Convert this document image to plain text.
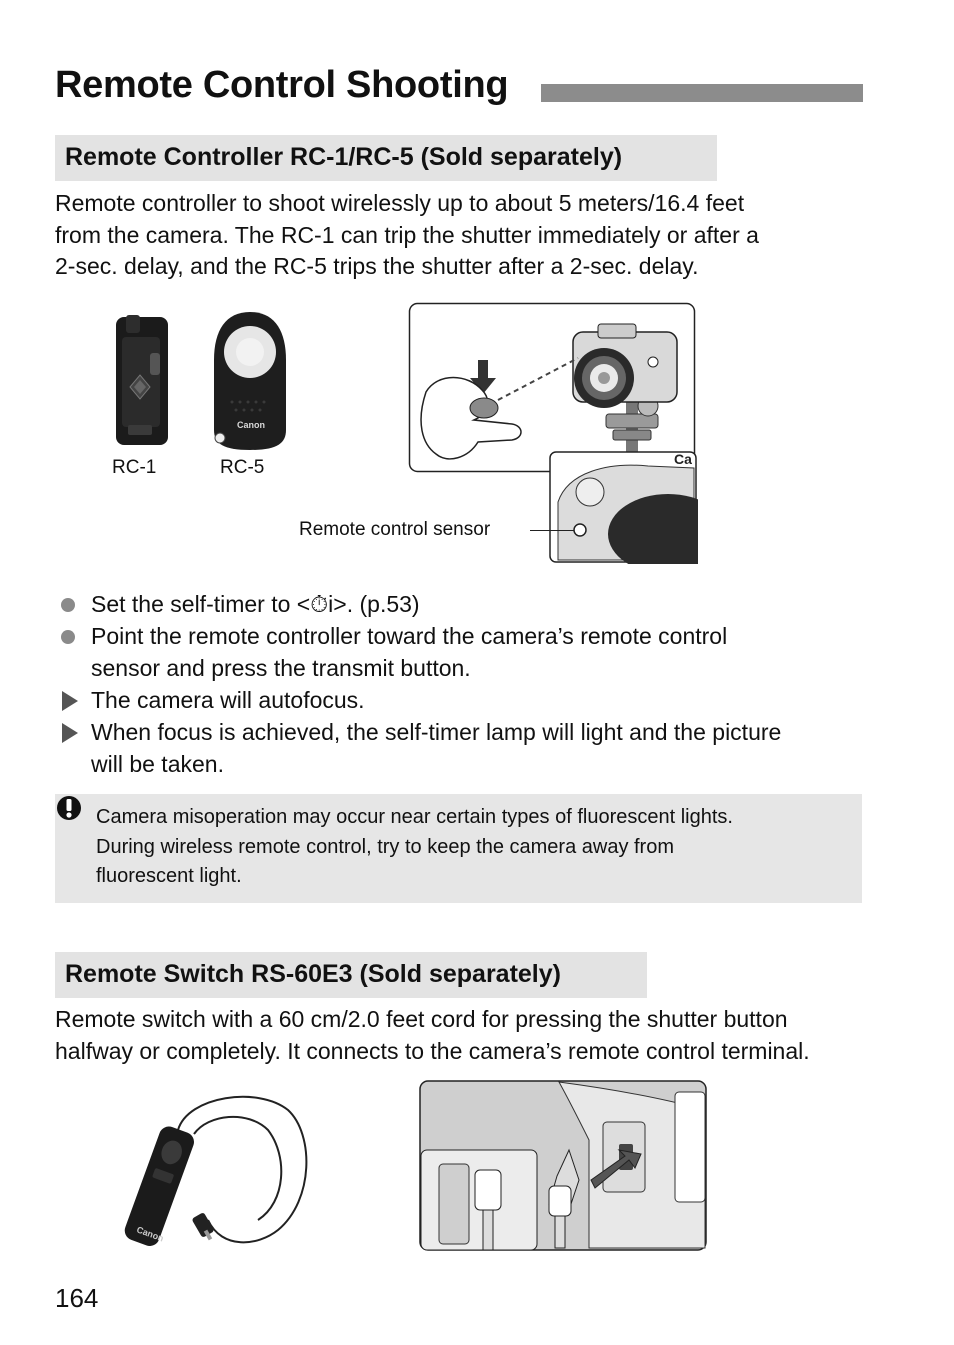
Remote Control Shooting
Remote Controller RC-1/RC-5 (Sold separately)
Remote controller to shoot wirelessly up to about 5 meters/16.4 feet
from the camera. The RC-1 can trip the shutter immediately or after a
2-sec. delay, and the RC-5 trips the shutter after a 2-sec. delay.
Canon
RC-1	RC-5	Ca
Remote control sensor
Set the self-timer to <⏱⁠i>. (p.53)
Point the remote controller toward the camera’s remote control
sensor and press the transmit button.
The camera will autofocus.
When focus is achieved, the self-timer lamp will light and the picture
will be taken.
Camera misoperation may occur near certain types of fluorescent lights.
During wireless remote control, try to keep the camera away from
fluorescent light.
Remote Switch RS-60E3 (Sold separately)
Remote switch with a 60 cm/2.0 feet cord for pressing the shutter button
halfway or completely. It connects to the camera’s remote control terminal.
Canon
164
